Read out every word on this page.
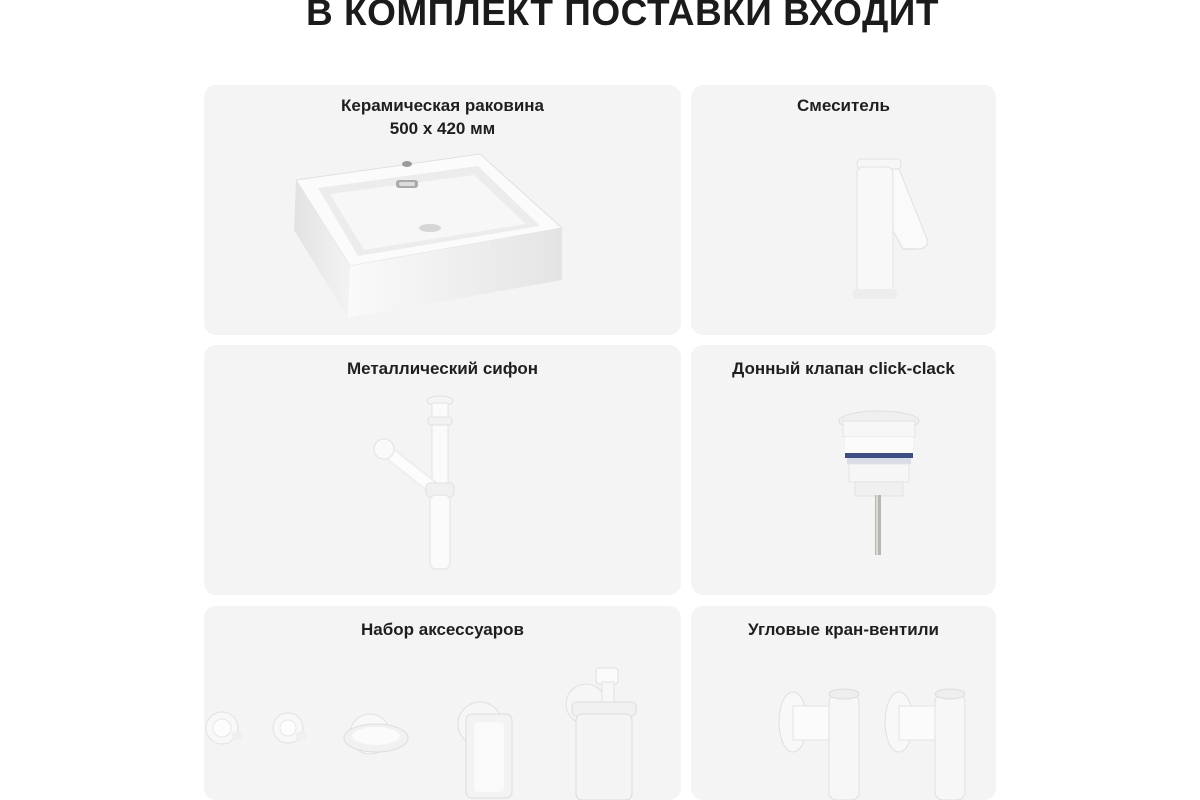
В КОМПЛЕКТ ПОСТАВКИ ВХОДИТ
Керамическая раковина
500 х 420 мм
Смеситель
Металлический сифон	Донный клапан click-clack
Набор аксессуаров	Угловые кран-вентили
